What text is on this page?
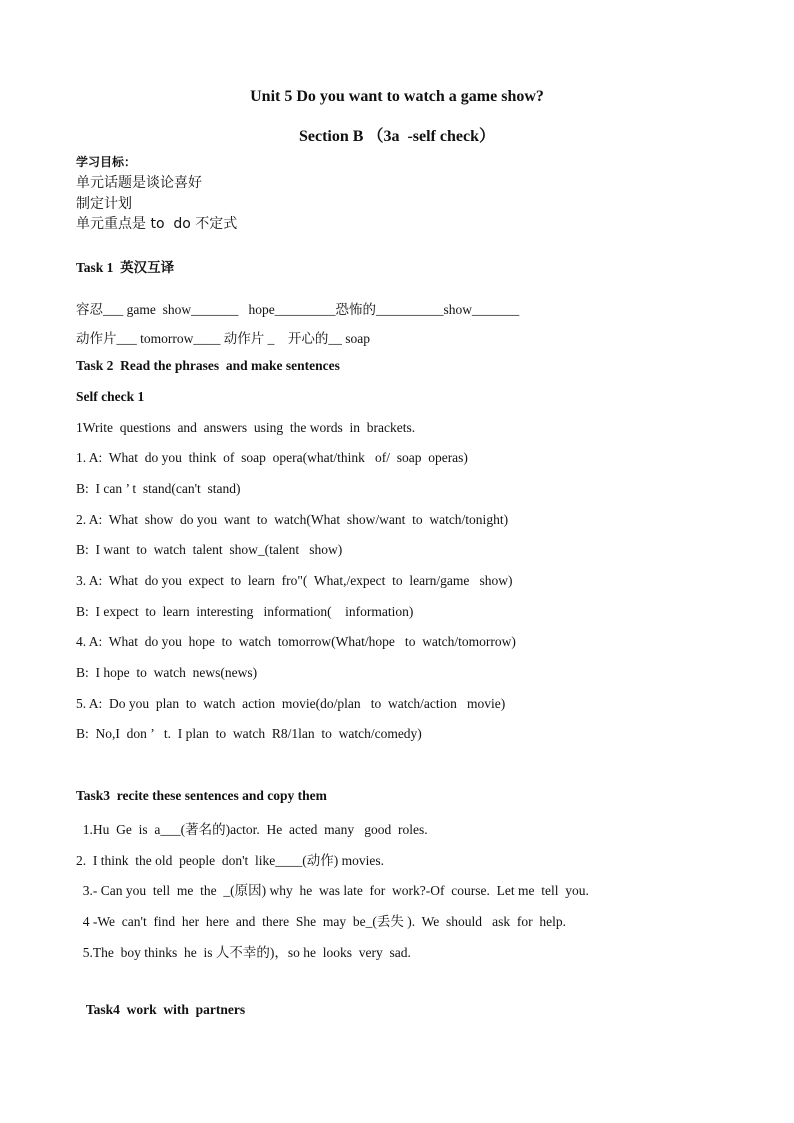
Unit 5 Do you want to watch a game show?
Section B （3a  -self check）
学习目标：
单元话题是谈论喜好
制定计划
单元重点是 to  do 不定式
Task 1  英汉互译
容忍___ game  show_______   hope_________恐怖的__________show_______
动作片___ tomorrow____ 动作片 _    开心的__ soap
Task 2  Read the phrases  and make sentences
Self check 1
1Write  questions  and  answers  using  the words  in  brackets.
1. A:  What  do you  think  of  soap  opera(what/think   of/  soap  operas)
B:  I can ’ t  stand(can't  stand)
2. A:  What  show  do you  want  to  watch(What  show/want  to  watch/tonight)
B:  I want  to  watch  talent  show_(talent   show)
3. A:  What  do you  expect  to  learn  fro"(  What,/expect  to  learn/game   show)
B:  I expect  to  learn  interesting   information(    information)
4. A:  What  do you  hope  to  watch  tomorrow(What/hope   to  watch/tomorrow)
B:  I hope  to  watch  news(news)
5. A:  Do you  plan  to  watch  action  movie(do/plan   to  watch/action   movie)
B:  No,I  don ’   t.  I plan  to  watch  R8/1lan  to  watch/comedy)
Task3  recite these sentences and copy them
1.Hu  Ge  is  a___(著名的)actor.  He  acted  many   good  roles.
2.  I think  the old  people  don't  like____(动作) movies.
3.- Can you  tell  me  the  _(原因) why  he  was late  for  work?-Of  course.  Let me  tell  you.
4 -We  can't  find  her  here  and  there  She  may  be_(丢失 ).  We  should   ask  for  help.
5.The  boy thinks  he  is 人不幸的)，so he  looks  very  sad.
Task4  work  with  partners
